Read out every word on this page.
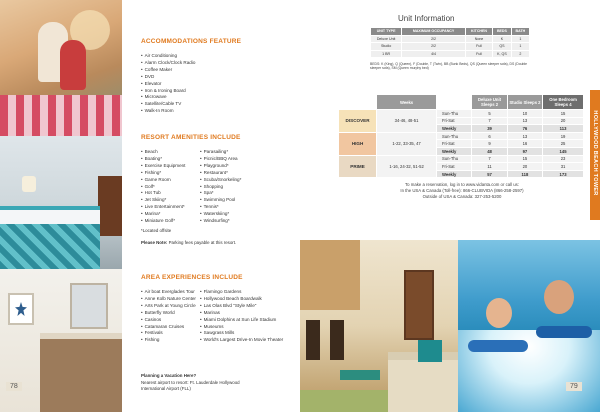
78
ACCOMMODATIONS FEATURE
• Air Conditioning
• Alarm Clock/Clock Radio
• Coffee Maker
• DVD
• Elevator
• Iron & Ironing Board
• Microwave
• Satellite/Cable TV
• Walk-In Room
RESORT AMENITIES INCLUDE
• Beach
• Boating*
• Exercise Equipment
• Fishing*
• Game Room
• Golf*
• Hot Tub
• Jet Skiing*
• Live Entertainment*
• Marina*
• Miniature Golf*
• Parasailing*
• Picnic/BBQ Area
• Playground*
• Restaurant*
• Scuba/Snorkeling*
• Shopping
• Spa*
• Swimming Pool
• Tennis*
• Waterskiing*
• Windsurfing*
*Located offsite
Please Note: Parking fees payable at this resort.
AREA EXPERIENCES INCLUDE
• Air boat Everglades Tour
• Anne Kolb Nature Center
• Arts Park at Young Circle
• Butterfly World
• Casinos
• Catamaran Cruises
• Festivals
• Fishing
• Flamingo Gardens
• Hollywood Beach Boardwalk
• Las Olas Blvd "Style Mile"
• Marinas
• Miami Dolphins at Sun Life Stadium
• Museums
• Sawgrass Mills
• World's Largest Drive-In Movie Theater
Planning a Vacation Here?
Nearest airport to resort: Ft. Lauderdale Hollywood
International Airport (FLL)
Unit Information
UNIT TYPE	MAXIMUM OCCUPANCY	KITCHEN	BEDS	BATH
Deluxe Unit	2/2	None	K	1
Studio	2/2	Full	QS	1
1 BR	4/4	Full	K, QS	2
BEDS: K (King), Q (Queen), F (Double, T (Twin), BB (Bunk Beds), QS (Queen sleeper sofa), DS (Double sleeper sofa), SM (Queen murphy bed)
	Weeks		Deluxe Unit Sleeps 2	Studio Sleeps 2	One Bedroom Sleeps 4
DISCOVER	34-46, 48-51	Sun-Thu	5	10	15
		Fri-Sat	7	13	20
		Weekly	39	76	113
HIGH	1-22, 33-35, 47	Sun-Thu	6	13	19
		Fri-Sat	9	16	25
		Weekly	48	97	145
PRIME	1-16, 24-32, 51-52	Sun-Thu	7	15	23
		Fri-Sat	11	20	31
		Weekly	57	118	173
To make a reservation, log in to www.vidanta.com or call us:
In the USA & Canada (Toll-free): 866-CLUBVIDA (866-258-2597)
Outside of USA & Canada: 327-253-5200
HOLLYWOOD BEACH TOWER
79
